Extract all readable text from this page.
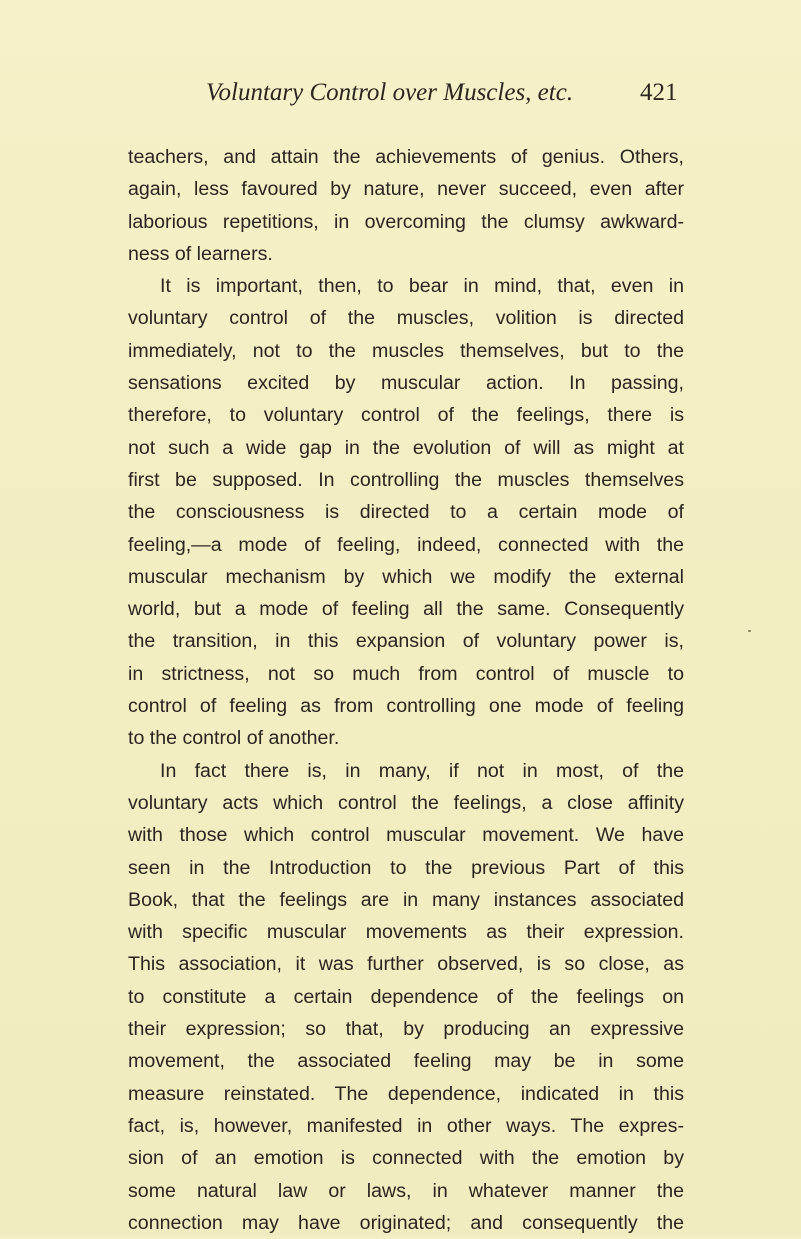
Voluntary Control over Muscles, etc.	421
teachers, and attain the achievements of genius. Others,
again, less favoured by nature, never succeed, even after
laborious repetitions, in overcoming the clumsy awkward-
ness of learners.
It is important, then, to bear in mind, that, even in
voluntary control of the muscles, volition is directed
immediately, not to the muscles themselves, but to the
sensations excited by muscular action. In passing,
therefore, to voluntary control of the feelings, there is
not such a wide gap in the evolution of will as might at
first be supposed. In controlling the muscles themselves
the consciousness is directed to a certain mode of
feeling,—a mode of feeling, indeed, connected with the
muscular mechanism by which we modify the external
world, but a mode of feeling all the same. Consequently
the transition, in this expansion of voluntary power is,
in strictness, not so much from control of muscle to
control of feeling as from controlling one mode of feeling
to the control of another.
In fact there is, in many, if not in most, of the
voluntary acts which control the feelings, a close affinity
with those which control muscular movement. We have
seen in the Introduction to the previous Part of this
Book, that the feelings are in many instances associated
with specific muscular movements as their expression.
This association, it was further observed, is so close, as
to constitute a certain dependence of the feelings on
their expression; so that, by producing an expressive
movement, the associated feeling may be in some
measure reinstated. The dependence, indicated in this
fact, is, however, manifested in other ways. The expres-
sion of an emotion is connected with the emotion by
some natural law or laws, in whatever manner the
connection may have originated; and consequently the
